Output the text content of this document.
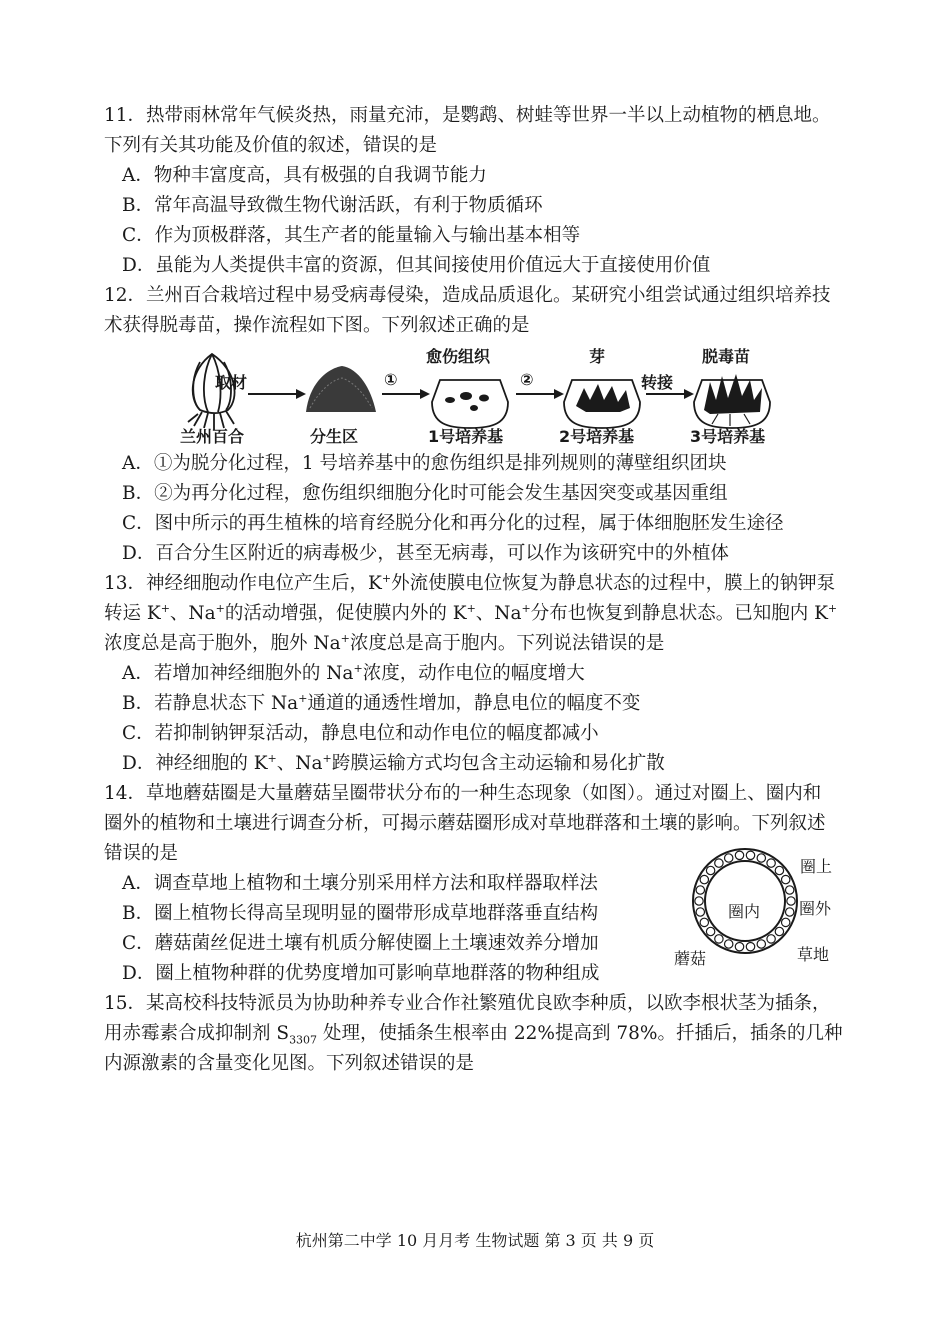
11．热带雨林常年气候炎热，雨量充沛，是鹦鹉、树蛙等世界一半以上动植物的栖息地。
下列有关其功能及价值的叙述，错误的是
A．物种丰富度高，具有极强的自我调节能力
B．常年高温导致微生物代谢活跃，有利于物质循环
C．作为顶极群落，其生产者的能量输入与输出基本相等
D．虽能为人类提供丰富的资源，但其间接使用价值远大于直接使用价值
12．兰州百合栽培过程中易受病毒侵染，造成品质退化。某研究小组尝试通过组织培养技
术获得脱毒苗，操作流程如下图。下列叙述正确的是
取材	①
愈伤组织
②
芽
转接
脱毒苗
兰州百合	分生区	1号培养基	2号培养基	3号培养基
A．①为脱分化过程，1 号培养基中的愈伤组织是排列规则的薄壁组织团块
B．②为再分化过程，愈伤组织细胞分化时可能会发生基因突变或基因重组
C．图中所示的再生植株的培育经脱分化和再分化的过程，属于体细胞胚发生途径
D．百合分生区附近的病毒极少，甚至无病毒，可以作为该研究中的外植体
13．神经细胞动作电位产生后，K+外流使膜电位恢复为静息状态的过程中，膜上的钠钾泵
转运 K+、Na+的活动增强，促使膜内外的 K+、Na+分布也恢复到静息状态。已知胞内 K+
浓度总是高于胞外，胞外 Na+浓度总是高于胞内。下列说法错误的是
A．若增加神经细胞外的 Na+浓度，动作电位的幅度增大
B．若静息状态下 Na+通道的通透性增加，静息电位的幅度不变
C．若抑制钠钾泵活动，静息电位和动作电位的幅度都减小
D．神经细胞的 K+、Na+跨膜运输方式均包含主动运输和易化扩散
14．草地蘑菇圈是大量蘑菇呈圈带状分布的一种生态现象（如图）。通过对圈上、圈内和
圈外的植物和土壤进行调查分析，可揭示蘑菇圈形成对草地群落和土壤的影响。下列叙述
错误的是
A．调查草地上植物和土壤分别采用样方法和取样器取样法
B．圈上植物长得高呈现明显的圈带形成草地群落垂直结构
C．蘑菇菌丝促进土壤有机质分解使圈上土壤速效养分增加
D．圈上植物种群的优势度增加可影响草地群落的物种组成
圈上
圈内 圈外
蘑菇	草地
15．某高校科技特派员为协助种养专业合作社繁殖优良欧李种质，以欧李根状茎为插条，
用赤霉素合成抑制剂 $S_{3307}$ 处理，使插条生根率由 22%提高到 78%。扦插后，插条的几种
内源激素的含量变化见图。下列叙述错误的是
杭州第二中学 10 月月考 生物试题 第 3 页 共 9 页
